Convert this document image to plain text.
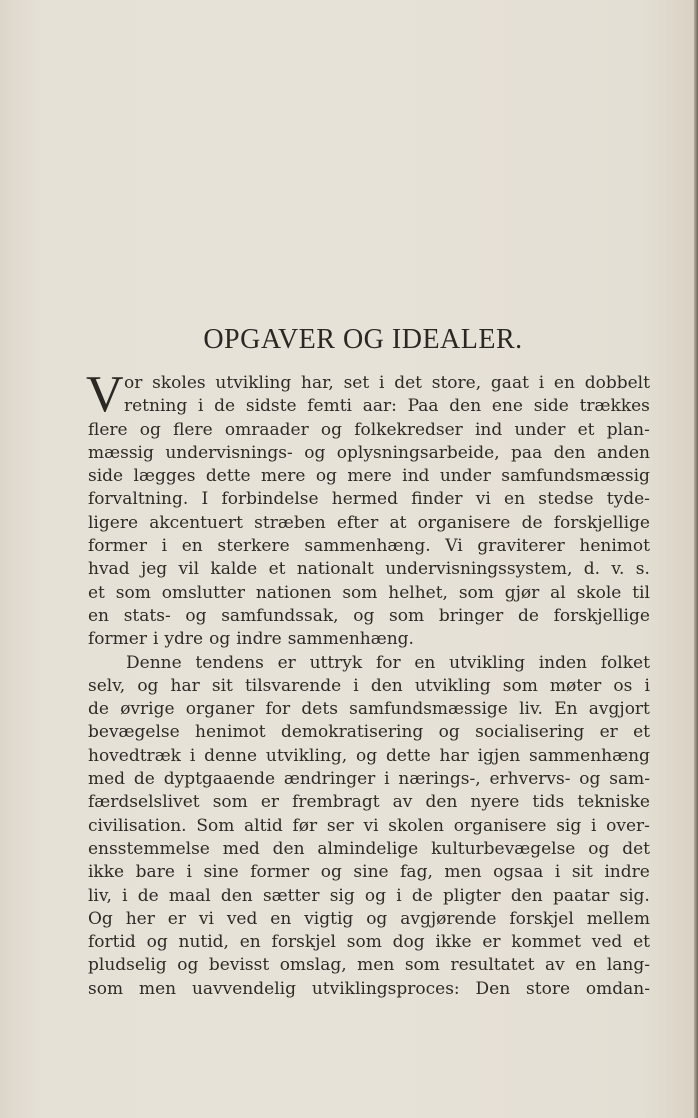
OPGAVER OG IDEALER.
V or skoles utvikling har, set i det store, gaat i en dobbelt
retning i de sidste femti aar: Paa den ene side trækkes
flere og flere omraader og folkekredser ind under et plan-
mæssig undervisnings- og oplysningsarbeide, paa den anden
side lægges dette mere og mere ind under samfundsmæssig
forvaltning. I forbindelse hermed finder vi en stedse tyde-
ligere akcentuert stræben efter at organisere de forskjellige
former i en sterkere sammenhæng. Vi graviterer henimot
hvad jeg vil kalde et nationalt undervisningssystem, d. v. s.
et som omslutter nationen som helhet, som gjør al skole til
en stats- og samfundssak, og som bringer de forskjellige
former i ydre og indre sammenhæng.
Denne tendens er uttryk for en utvikling inden folket
selv, og har sit tilsvarende i den utvikling som møter os i
de øvrige organer for dets samfundsmæssige liv. En avgjort
bevægelse henimot demokratisering og socialisering er et
hovedtræk i denne utvikling, og dette har igjen sammenhæng
med de dyptgaaende ændringer i nærings-, erhvervs- og sam-
færdselslivet som er frembragt av den nyere tids tekniske
civilisation. Som altid før ser vi skolen organisere sig i over-
ensstemmelse med den almindelige kulturbevægelse og det
ikke bare i sine former og sine fag, men ogsaa i sit indre
liv, i de maal den sætter sig og i de pligter den paatar sig.
Og her er vi ved en vigtig og avgjørende forskjel mellem
fortid og nutid, en forskjel som dog ikke er kommet ved et
pludselig og bevisst omslag, men som resultatet av en lang-
som men uavvendelig utviklingsproces: Den store omdan-
